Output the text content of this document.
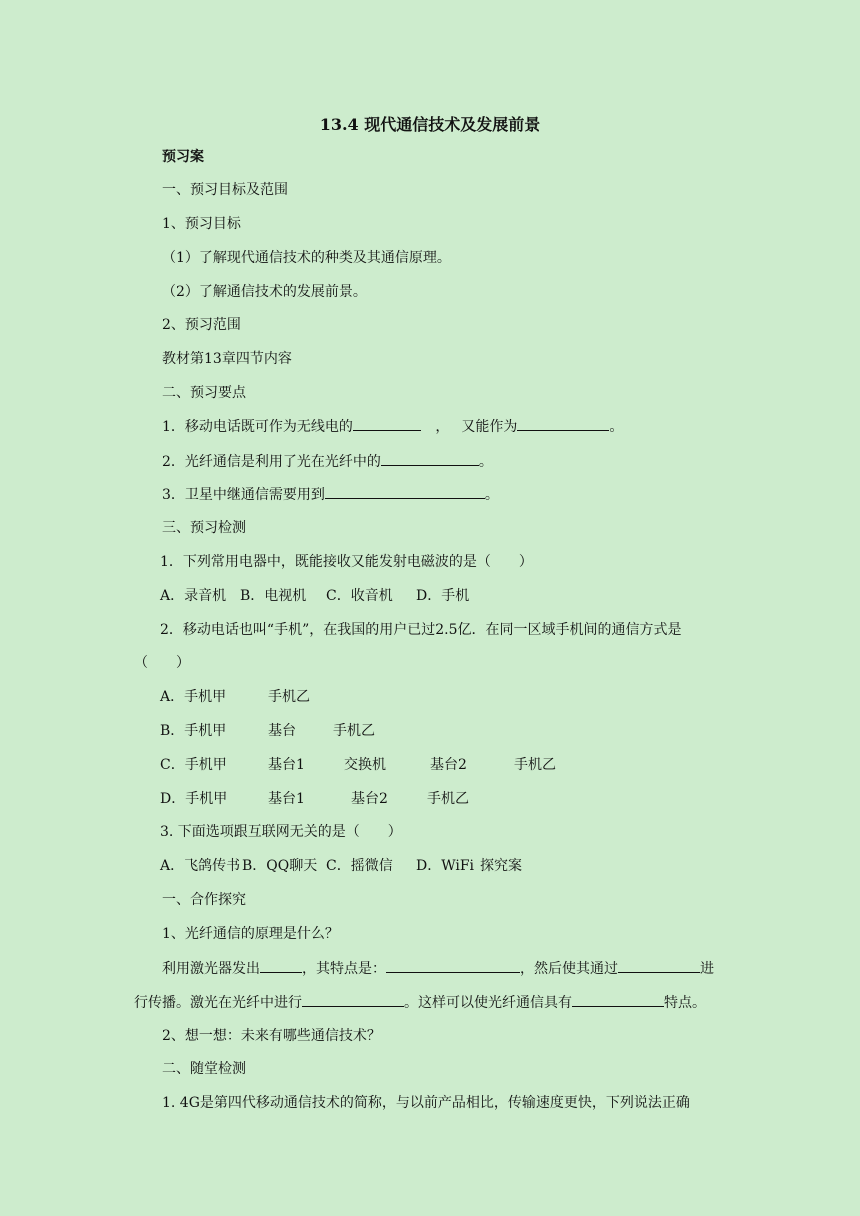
13.4 现代通信技术及发展前景
预习案
一、预习目标及范围
1、预习目标
（1）了解现代通信技术的种类及其通信原理。
（2）了解通信技术的发展前景。
2、预习范围
教材第13章四节内容
二、预习要点
1．移动电话既可作为无线电的	， 又能作为	。
2．光纤通信是利用了光在光纤中的	。
3．卫星中继通信需要用到	。
三、预习检测
1．下列常用电器中，既能接收又能发射电磁波的是（　　）
A．录音机 B．电视机 C．收音机 D．手机
2．移动电话也叫“手机”，在我国的用户已过2.5亿．在同一区域手机间的通信方式是
（　　）
A．手机甲	手机乙
B．手机甲	基台	手机乙
C．手机甲	基台1	交换机	基台2	手机乙
D．手机甲	基台1	基台2	手机乙
3. 下面选项跟互联网无关的是（　　）
A．飞鸽传书 B．QQ聊天 C．摇微信 D．WiFi 探究案
一、合作探究
1、光纤通信的原理是什么？
利用激光器发出	，其特点是：	，然后使其通过	进
行传播。激光在光纤中进行	。这样可以使光纤通信具有	特点。
2、想一想：未来有哪些通信技术？
二、随堂检测
1. 4G是第四代移动通信技术的简称，与以前产品相比，传输速度更快，下列说法正确
